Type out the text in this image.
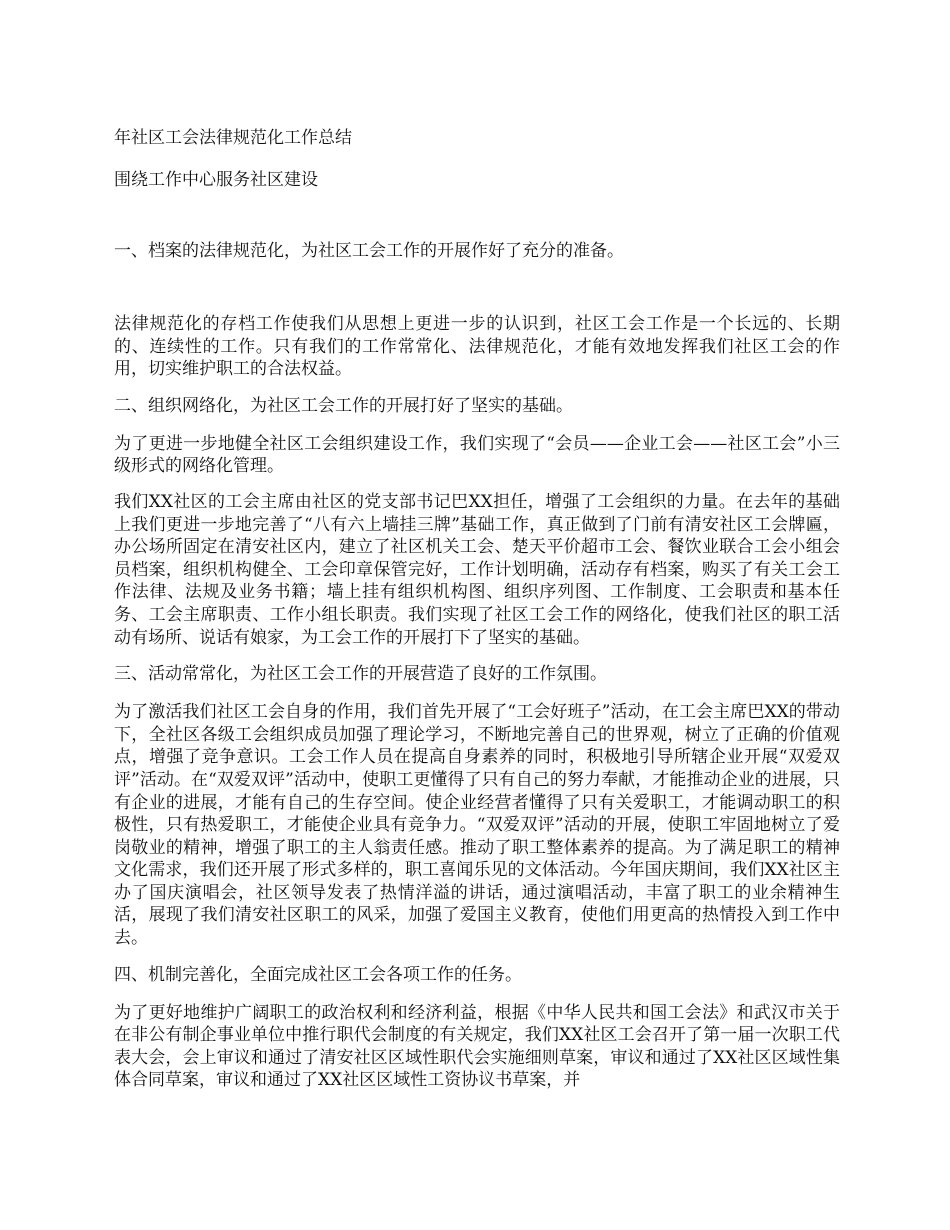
年社区工会法律规范化工作总结

围绕工作中心服务社区建设

一、档案的法律规范化，为社区工会工作的开展作好了充分的准备。

法律规范化的存档工作使我们从思想上更进一步的认识到，社区工会工作是一个长远的、长期的、连续性的工作。只有我们的工作常常化、法律规范化，才能有效地发挥我们社区工会的作用，切实维护职工的合法权益。

二、组织网络化，为社区工会工作的开展打好了坚实的基础。

为了更进一步地健全社区工会组织建设工作，我们实现了“会员——企业工会——社区工会”小三级形式的网络化管理。

我们XX社区的工会主席由社区的党支部书记巴XX担任，增强了工会组织的力量。在去年的基础上我们更进一步地完善了“八有六上墙挂三牌”基础工作，真正做到了门前有清安社区工会牌匾，办公场所固定在清安社区内，建立了社区机关工会、楚天平价超市工会、餐饮业联合工会小组会员档案，组织机构健全、工会印章保管完好，工作计划明确，活动存有档案，购买了有关工会工作法律、法规及业务书籍；墙上挂有组织机构图、组织序列图、工作制度、工会职责和基本任务、工会主席职责、工作小组长职责。我们实现了社区工会工作的网络化，使我们社区的职工活动有场所、说话有娘家，为工会工作的开展打下了坚实的基础。

三、活动常常化，为社区工会工作的开展营造了良好的工作氛围。

为了激活我们社区工会自身的作用，我们首先开展了“工会好班子”活动，在工会主席巴XX的带动下，全社区各级工会组织成员加强了理论学习，不断地完善自己的世界观，树立了正确的价值观点，增强了竞争意识。工会工作人员在提高自身素养的同时，积极地引导所辖企业开展“双爱双评”活动。在“双爱双评”活动中，使职工更懂得了只有自己的努力奉献，才能推动企业的进展，只有企业的进展，才能有自己的生存空间。使企业经营者懂得了只有关爱职工，才能调动职工的积极性，只有热爱职工，才能使企业具有竞争力。“双爱双评”活动的开展，使职工牢固地树立了爱岗敬业的精神，增强了职工的主人翁责任感。推动了职工整体素养的提高。为了满足职工的精神文化需求，我们还开展了形式多样的，职工喜闻乐见的文体活动。今年国庆期间，我们XX社区主办了国庆演唱会，社区领导发表了热情洋溢的讲话，通过演唱活动，丰富了职工的业余精神生活，展现了我们清安社区职工的风采，加强了爱国主义教育，使他们用更高的热情投入到工作中去。

四、机制完善化，全面完成社区工会各项工作的任务。

为了更好地维护广阔职工的政治权利和经济利益，根据《中华人民共和国工会法》和武汉市关于在非公有制企事业单位中推行职代会制度的有关规定，我们XX社区工会召开了第一届一次职工代表大会，会上审议和通过了清安社区区域性职代会实施细则草案，审议和通过了XX社区区域性集体合同草案，审议和通过了XX社区区域性工资协议书草案，并
